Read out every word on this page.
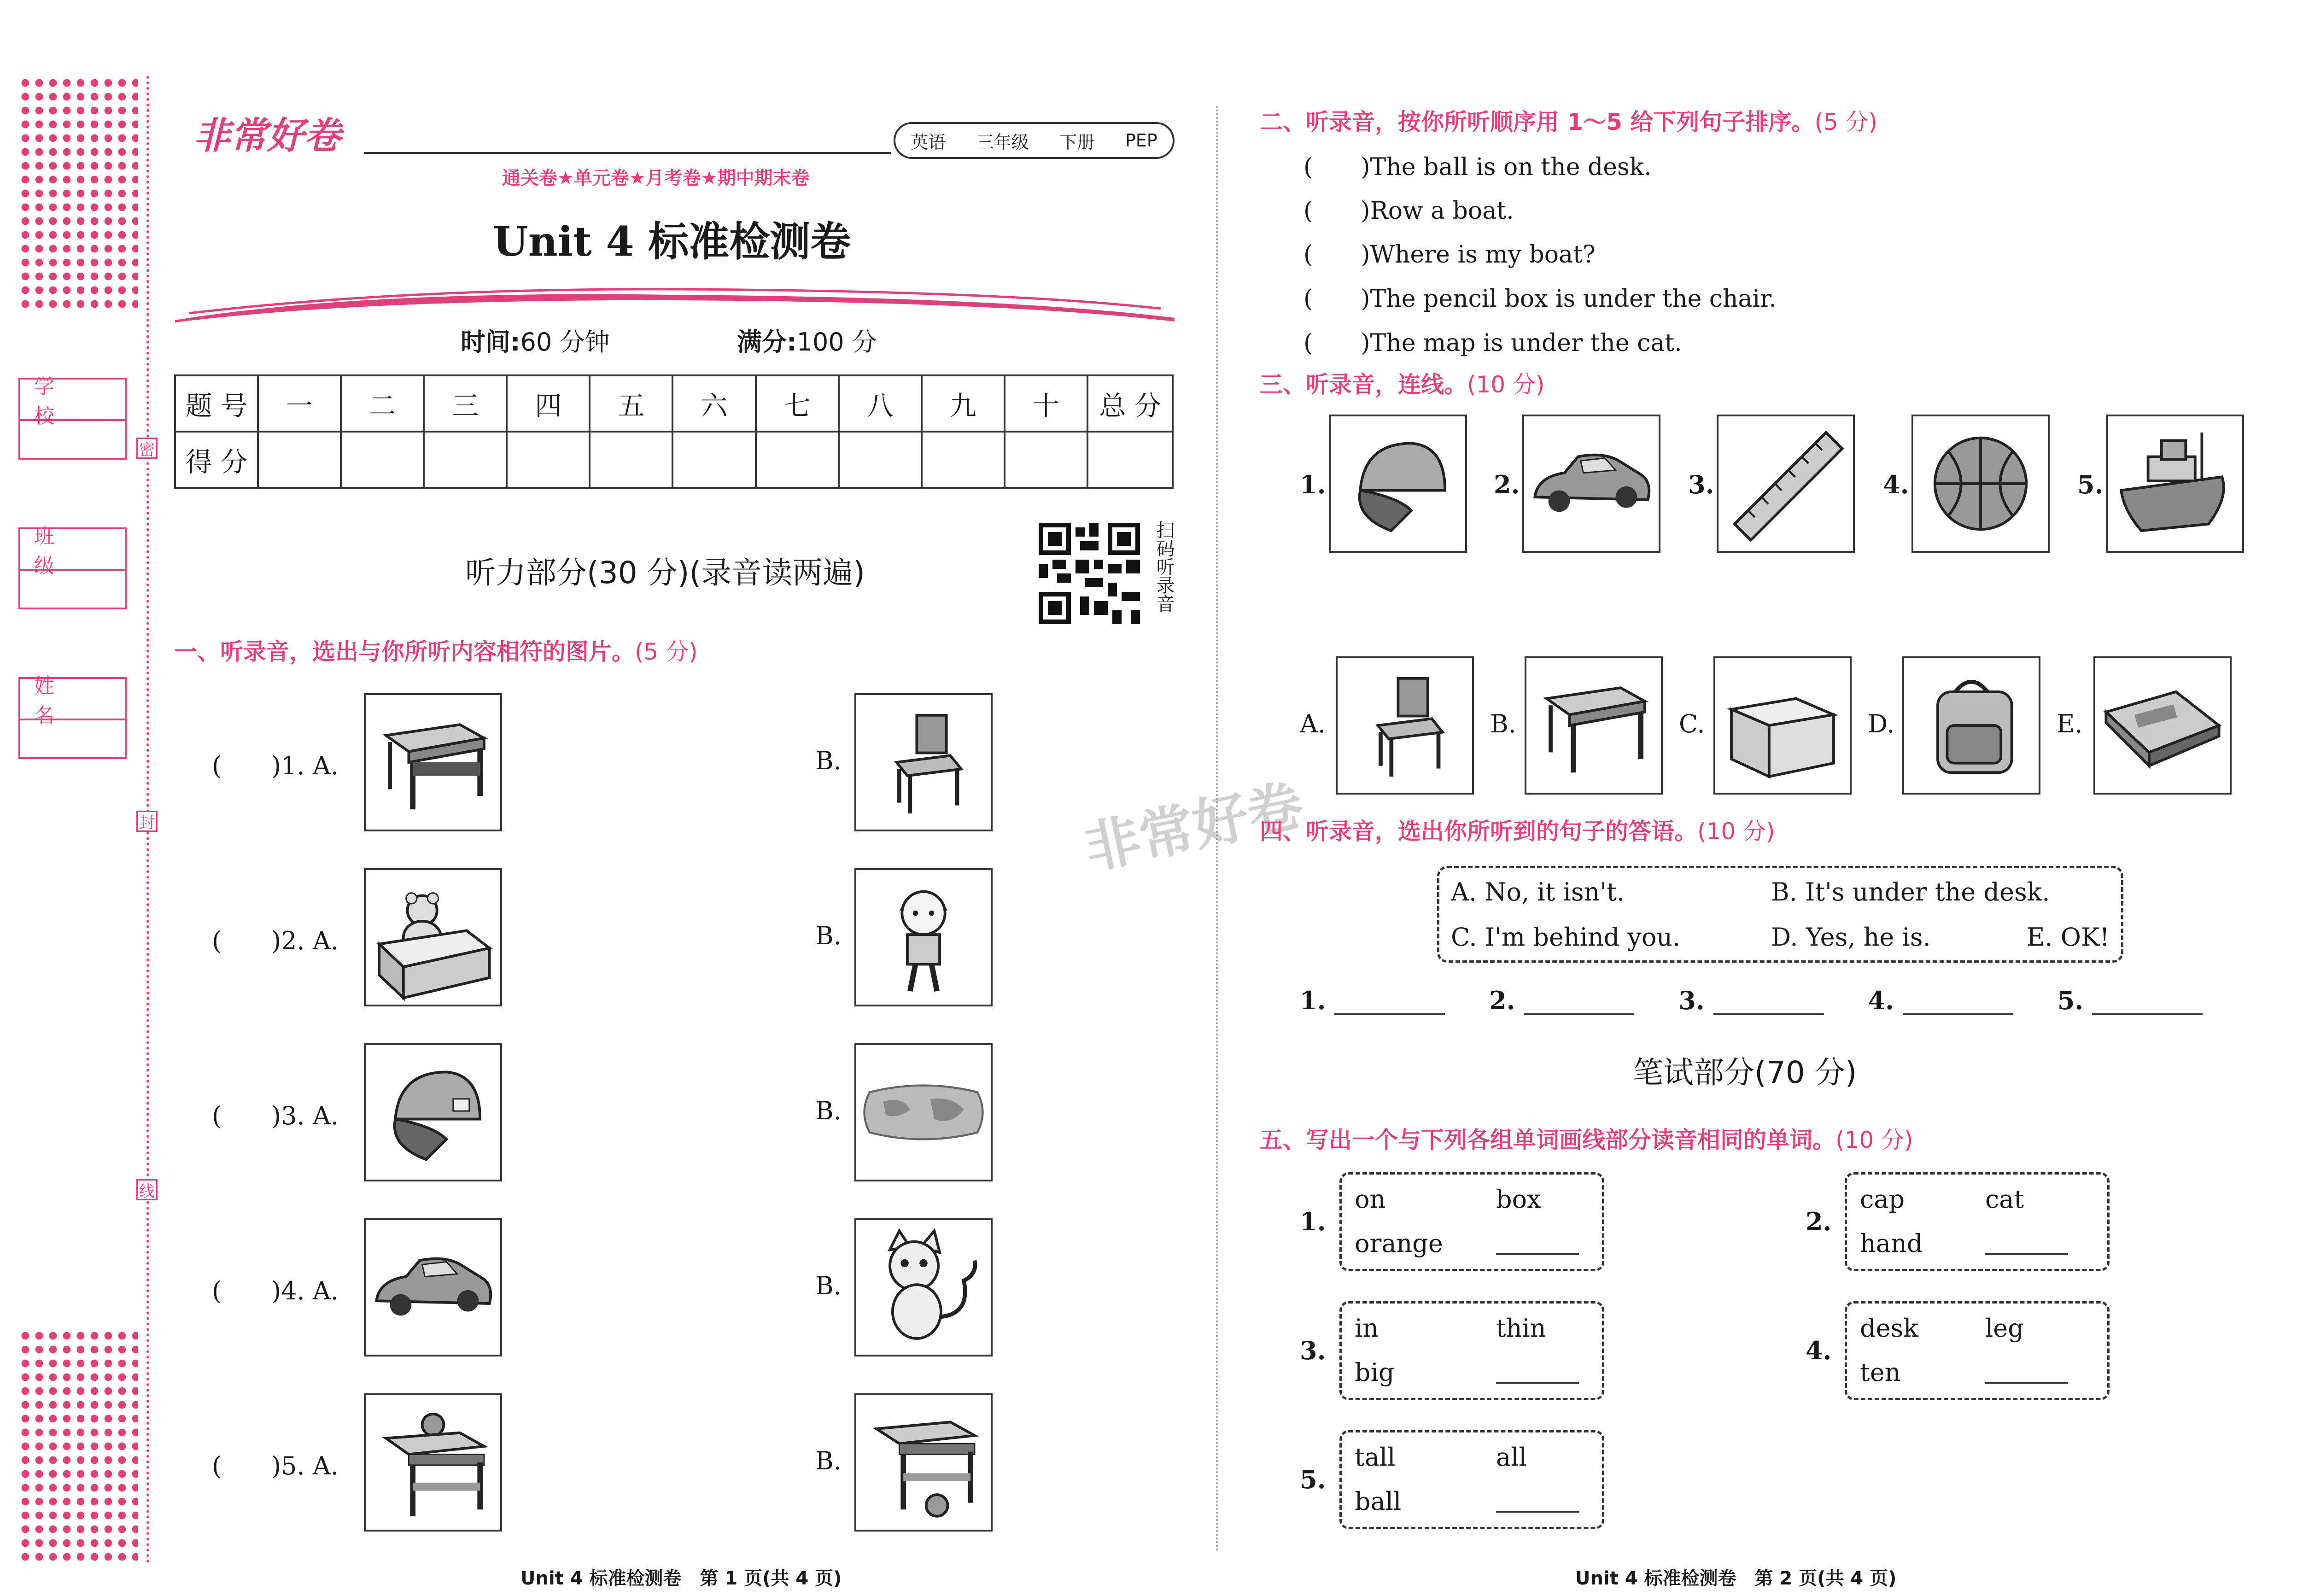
学 校
班 级
姓 名
密
封
线
非常好卷	英语 三年级 下册 PEP
通关卷★单元卷★月考卷★期中期末卷
Unit 4 标准检测卷
时间:60 分钟	满分:100 分
题 号	一	二	三	四	五	六	七	八	九	十	总 分
得 分											
听力部分(30 分)(录音读两遍)	扫码听录音
一、听录音，选出与你所听内容相符的图片。(5 分)
(　　)1. A.	B.
(　　)2. A.	B.
(　　)3. A.	B.
(　　)4. A.	B.
(　　)5. A.	B.
Unit 4 标准检测卷　第 1 页(共 4 页)
二、听录音，按你所听顺序用 1～5 给下列句子排序。(5 分)
(　　)The ball is on the desk.
(　　)Row a boat.
(　　)Where is my boat?
(　　)The pencil box is under the chair.
(　　)The map is under the cat.
三、听录音，连线。(10 分)
1.	2.	3.	4.	5.
A.	B.	C.	D.	E.
非常好卷
四、听录音，选出你所听到的句子的答语。(10 分)
A. No, it isn't.	B. It's under the desk.
C. I'm behind you.	D. Yes, he is.	E. OK!
1.	2.	3.	4.	5.
笔试部分(70 分)
五、写出一个与下列各组单词画线部分读音相同的单词。(10 分)
1.
on	box
orange
2.
cap	cat
hand
3.
in	thin
big
4.
desk	leg
ten
5.
tall	all
ball
Unit 4 标准检测卷　第 2 页(共 4 页)
